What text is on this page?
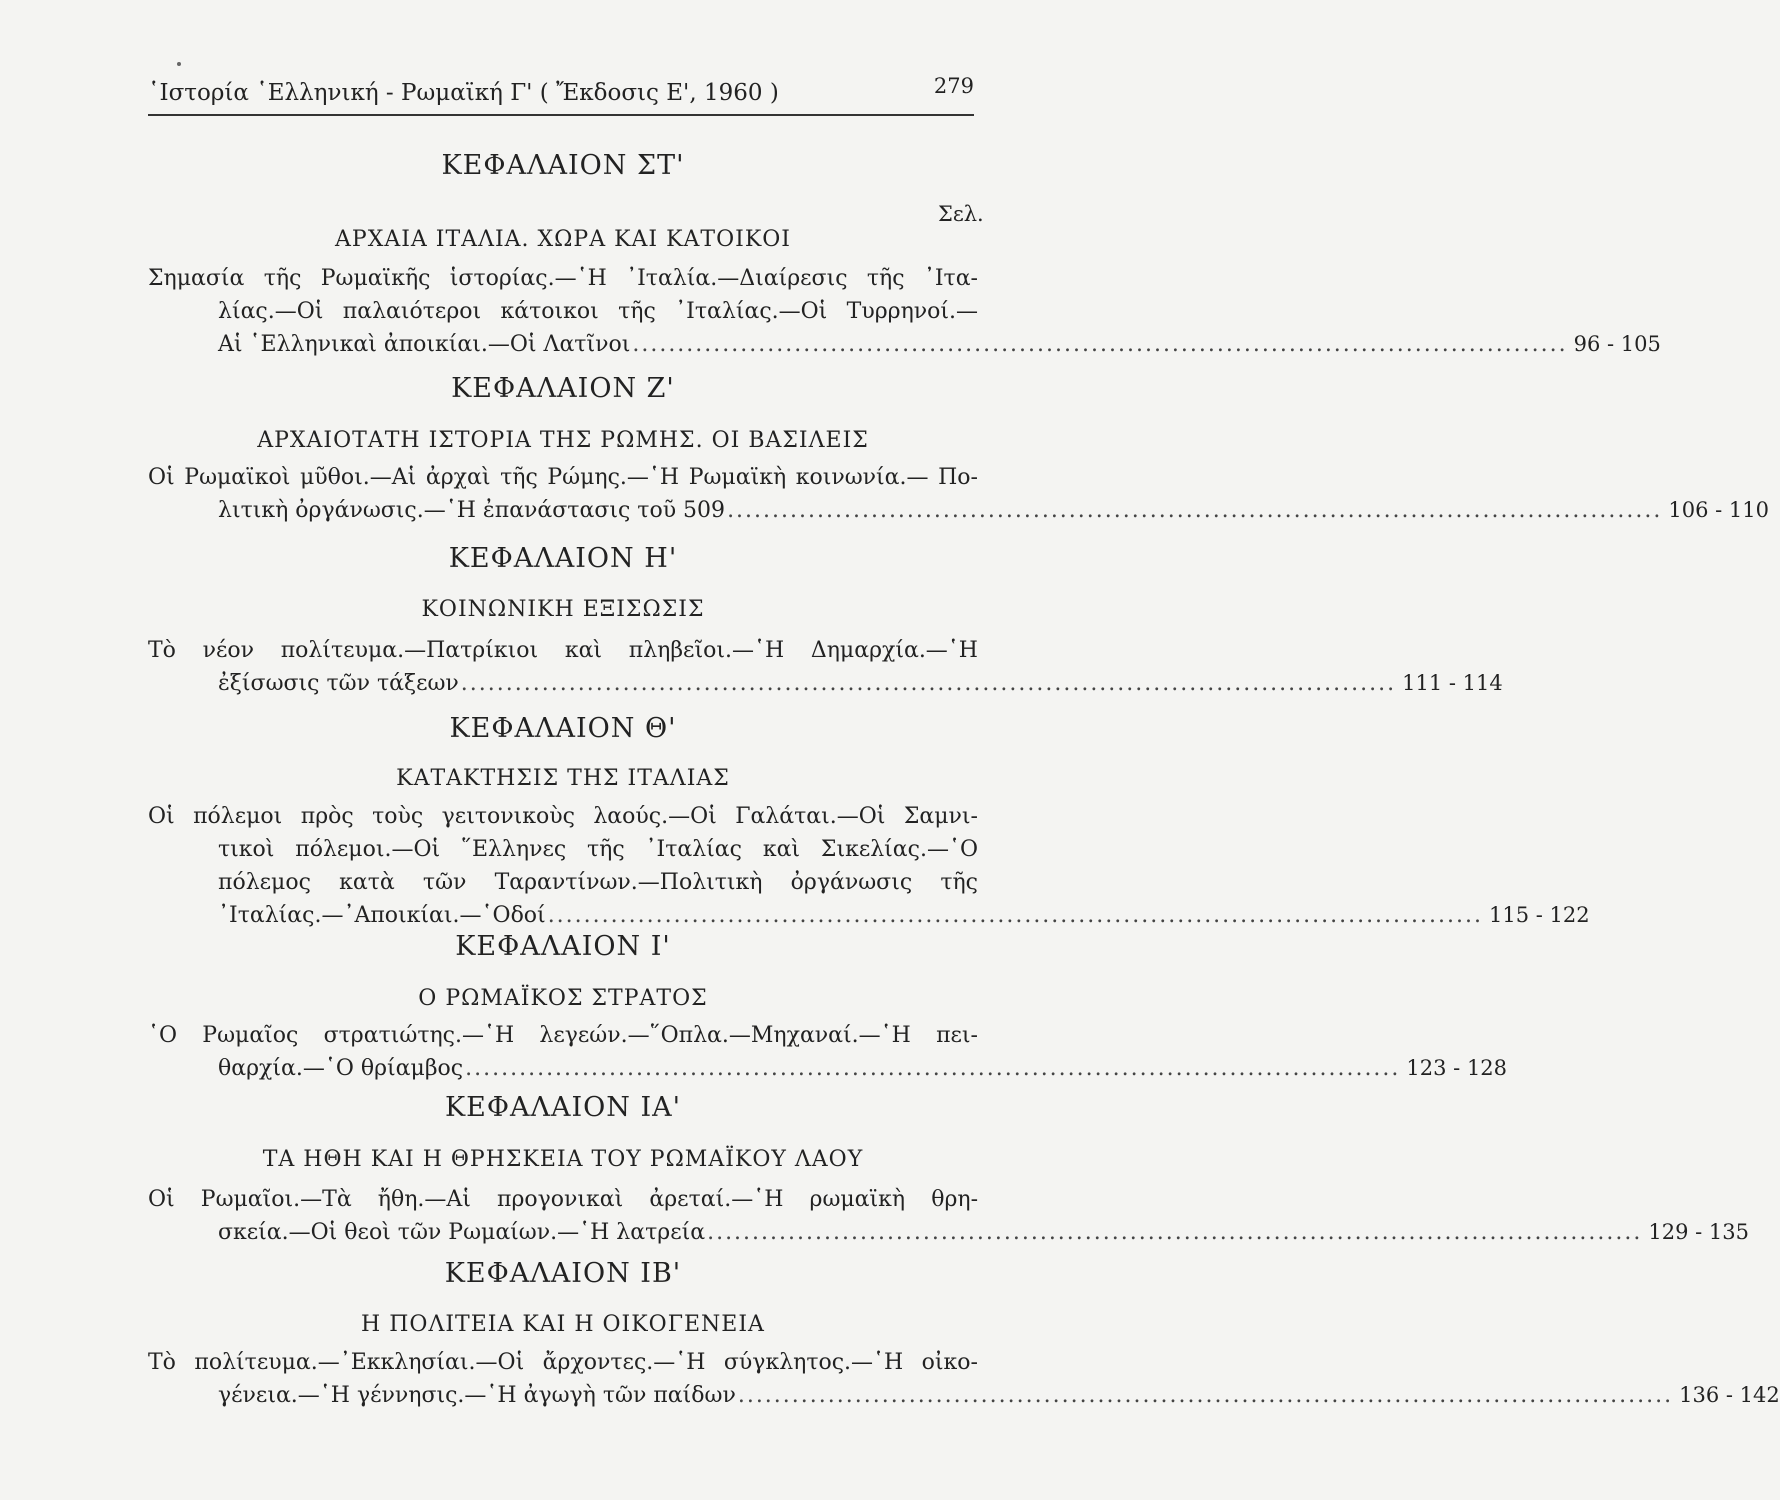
῾Ιστορία ῾Ελληνική - Ρωμαϊκή Γ' ( Ἔκδοσις Ε', 1960 )	279
Σελ.
ΚΕΦΑΛΑΙΟΝ ΣΤ'
ΑΡΧΑΙΑ ΙΤΑΛΙΑ. ΧΩΡΑ ΚΑΙ ΚΑΤΟΙΚΟΙ
Σημασία τῆς Ρωμαϊκῆς ἱστορίας.—῾Η ᾿Ιταλία.—Διαίρεσις τῆς ᾿Ιτα-
λίας.—Οἱ παλαιότεροι κάτοικοι τῆς ᾿Ιταλίας.—Οἱ Τυρρηνοί.—
Αἱ ῾Ελληνικαὶ ἀποικίαι.—Οἱ Λατῖνοι ........................................................................................................ 96 - 105
ΚΕΦΑΛΑΙΟΝ Ζ'
ΑΡΧΑΙΟΤΑΤΗ ΙΣΤΟΡΙΑ ΤΗΣ ΡΩΜΗΣ. ΟΙ ΒΑΣΙΛΕΙΣ
Οἱ Ρωμαϊκοὶ μῦθοι.—Αἱ ἀρχαὶ τῆς Ρώμης.—῾Η Ρωμαϊκὴ κοινωνία.— Πο-
λιτικὴ ὀργάνωσις.—῾Η ἐπανάστασις τοῦ 509 ........................................................................................................ 106 - 110
ΚΕΦΑΛΑΙΟΝ Η'
ΚΟΙΝΩΝΙΚΗ ΕΞΙΣΩΣΙΣ
Τὸ νέον πολίτευμα.—Πατρίκιοι καὶ πληβεῖοι.—῾Η Δημαρχία.—῾Η
ἐξίσωσις τῶν τάξεων ........................................................................................................ 111 - 114
ΚΕΦΑΛΑΙΟΝ Θ'
ΚΑΤΑΚΤΗΣΙΣ ΤΗΣ ΙΤΑΛΙΑΣ
Οἱ πόλεμοι πρὸς τοὺς γειτονικοὺς λαούς.—Οἱ Γαλάται.—Οἱ Σαμνι-
τικοὶ πόλεμοι.—Οἱ ῞Ελληνες τῆς ᾿Ιταλίας καὶ Σικελίας.—῾Ο
πόλεμος κατὰ τῶν Ταραντίνων.—Πολιτικὴ ὀργάνωσις τῆς
᾿Ιταλίας.—᾿Αποικίαι.—῾Οδοί ........................................................................................................ 115 - 122
ΚΕΦΑΛΑΙΟΝ Ι'
Ο ΡΩΜΑΪΚΟΣ ΣΤΡΑΤΟΣ
῾Ο Ρωμαῖος στρατιώτης.—῾Η λεγεών.—῞Οπλα.—Μηχαναί.—῾Η πει-
θαρχία.—῾Ο θρίαμβος ........................................................................................................ 123 - 128
ΚΕΦΑΛΑΙΟΝ ΙΑ'
ΤΑ ΗΘΗ ΚΑΙ Η ΘΡΗΣΚΕΙΑ ΤΟΥ ΡΩΜΑΪΚΟΥ ΛΑΟΥ
Οἱ Ρωμαῖοι.—Τὰ ἤθη.—Αἱ προγονικαὶ ἀρεταί.—῾Η ρωμαϊκὴ θρη-
σκεία.—Οἱ θεοὶ τῶν Ρωμαίων.—῾Η λατρεία ........................................................................................................ 129 - 135
ΚΕΦΑΛΑΙΟΝ ΙΒ'
Η ΠΟΛΙΤΕΙΑ ΚΑΙ Η ΟΙΚΟΓΕΝΕΙΑ
Τὸ πολίτευμα.—᾿Εκκλησίαι.—Οἱ ἄρχοντες.—῾Η σύγκλητος.—῾Η οἰκο-
γένεια.—῾Η γέννησις.—῾Η ἀγωγὴ τῶν παίδων ........................................................................................................ 136 - 142
